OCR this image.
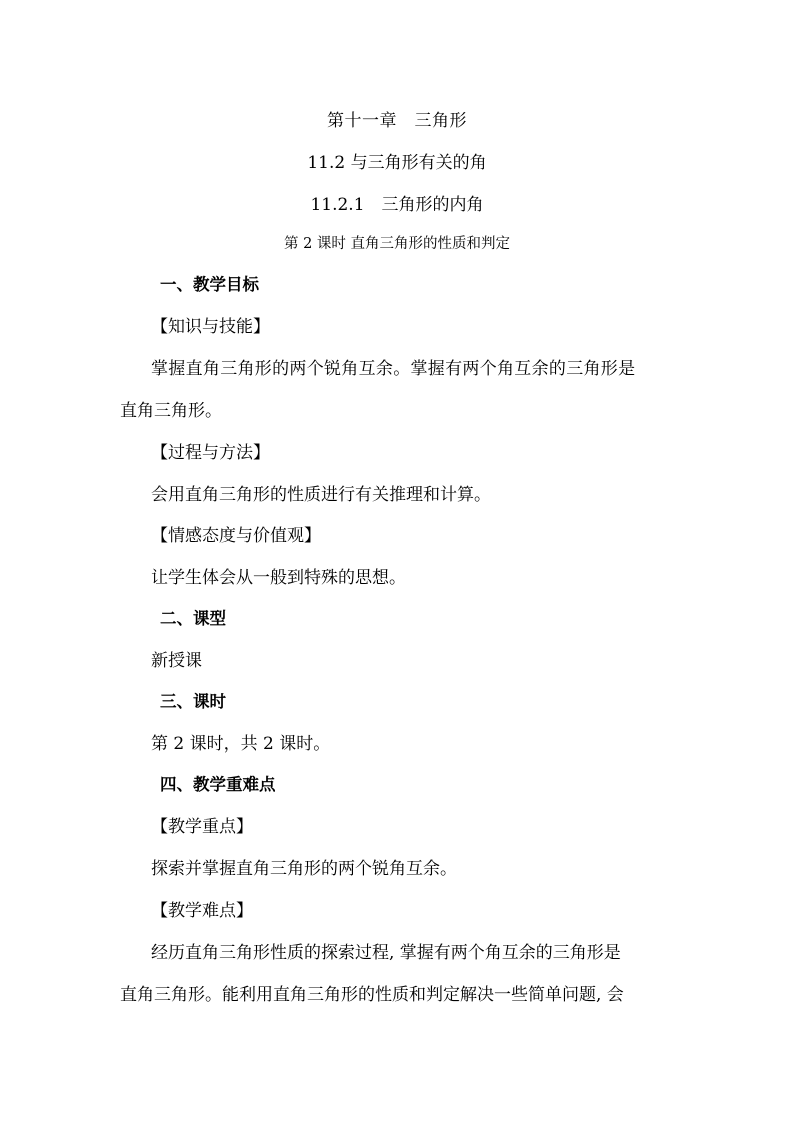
第十一章　三角形
11.2 与三角形有关的角
11.2.1　三角形的内角
第 2 课时 直角三角形的性质和判定
一、教学目标
【知识与技能】
掌握直角三角形的两个锐角互余。掌握有两个角互余的三角形是
直角三角形。
【过程与方法】
会用直角三角形的性质进行有关推理和计算。
【情感态度与价值观】
让学生体会从一般到特殊的思想。
二、课型
新授课
三、课时
第 2 课时，共 2 课时。
四、教学重难点
【教学重点】
探索并掌握直角三角形的两个锐角互余。
【教学难点】
经历直角三角形性质的探索过程, 掌握有两个角互余的三角形是
直角三角形。能利用直角三角形的性质和判定解决一些简单问题, 会
